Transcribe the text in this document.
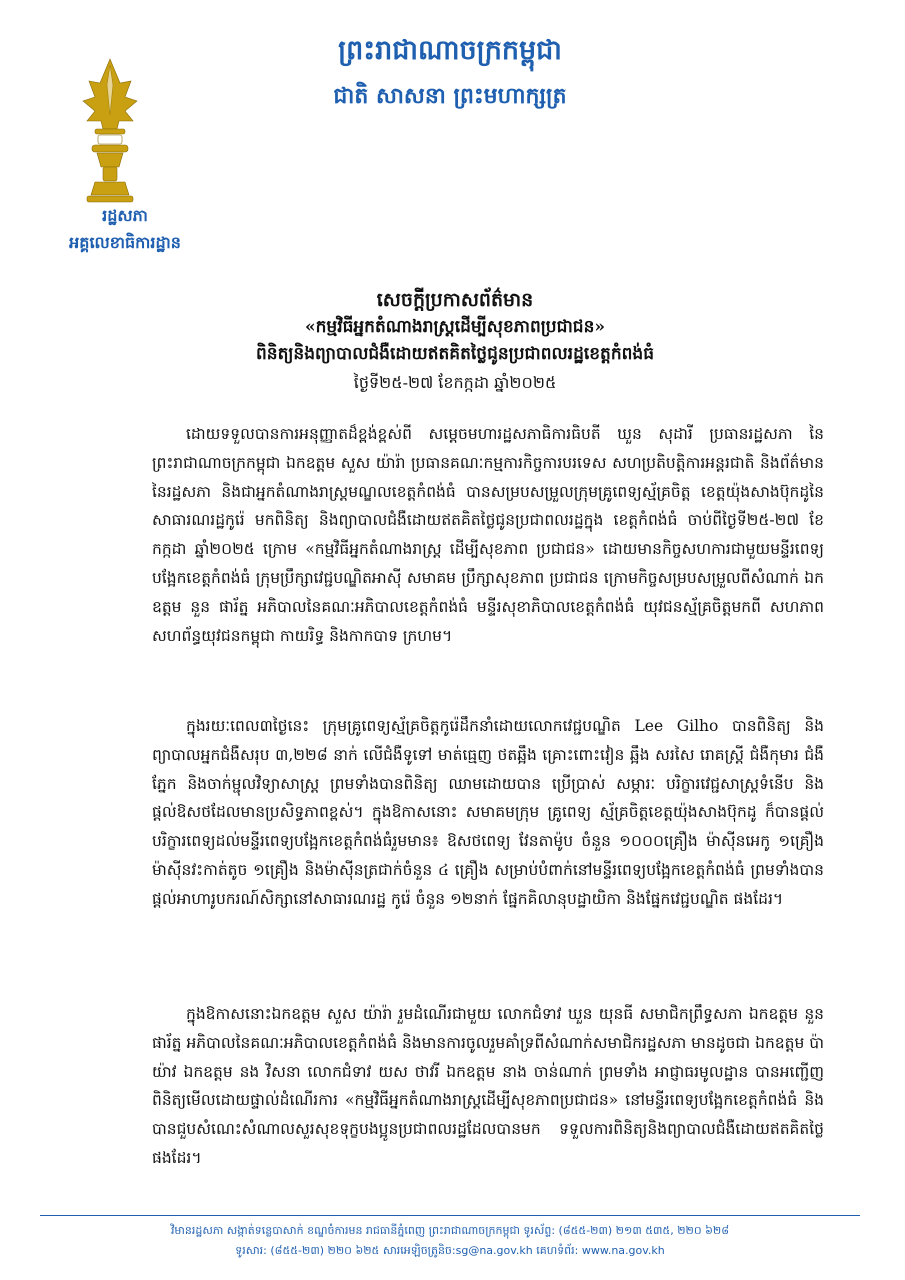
ព្រះរាជាណាចក្រកម្ពុជា
ជាតិ សាសនា ព្រះមហាក្សត្រ
រដ្ឋសភា
អគ្គលេខាធិការដ្ឋាន
សេចក្តីប្រកាសព័ត៌មាន
«កម្មវិធីអ្នកតំណាងរាស្ត្រដើម្បីសុខភាពប្រជាជន»
ពិនិត្យនិងព្យាបាលជំងឺដោយឥតគិតថ្លៃជូនប្រជាពលរដ្ឋខេត្តកំពង់ធំ
ថ្ងៃទី២៥-២៧ ខែកក្កដា ឆ្នាំ២០២៥
ដោយទទួលបានការអនុញ្ញាតដ៏ខ្ពង់ខ្ពស់ពី សម្តេចមហារដ្ឋសភាធិការធិបតី ឃួន សុដារី ប្រធានរដ្ឋសភា នៃព្រះរាជាណាចក្រកម្ពុជា ឯកឧត្តម សួស យ៉ារ៉ា ប្រធានគណៈកម្មការកិច្ចការបរទេស សហប្រតិបត្តិការអន្តរជាតិ និងព័ត៌មាននៃរដ្ឋសភា និងជាអ្នកតំណាងរាស្ត្រមណ្ឌលខេត្តកំពង់ធំ បានសម្របសម្រួលក្រុមគ្រូពេទ្យស្ម័គ្រចិត្ត ខេត្តយ៉ុងសាងប៊ុកដូនៃសាធារណរដ្ឋកូរ៉េ មកពិនិត្យ និងព្យាបាលជំងឺដោយឥតគិតថ្លៃជូនប្រជាពលរដ្ឋក្នុង ខេត្តកំពង់ធំ ចាប់ពីថ្ងៃទី២៥-២៧ ខែកក្កដា ឆ្នាំ២០២៥ ក្រោម «កម្មវិធីអ្នកតំណាងរាស្ត្រ ដើម្បីសុខភាព ប្រជាជន» ដោយមានកិច្ចសហការជាមួយមន្ទីរពេទ្យបង្អែកខេត្តកំពង់ធំ ក្រុមប្រឹក្សាវេជ្ជបណ្ឌិតអាស៊ី សមាគម ប្រឹក្សាសុខភាព ប្រជាជន ក្រោមកិច្ចសម្របសម្រួលពីសំណាក់ ឯកឧត្តម នួន ផារ័ត្ន អភិបាលនៃគណៈអភិបាលខេត្តកំពង់ធំ មន្ទីរសុខាភិបាលខេត្តកំពង់ធំ យុវជនស្ម័គ្រចិត្តមកពី សហភាពសហព័ន្ធយុវជនកម្ពុជា កាយរិទ្ធ និងកាកបាទ ក្រហម។
ក្នុងរយៈពេល៣ថ្ងៃនេះ ក្រុមគ្រូពេទ្យស្ម័គ្រចិត្តកូរ៉េដឹកនាំដោយលោកវេជ្ជបណ្ឌិត Lee Gilho បានពិនិត្យ និងព្យាបាលអ្នកជំងឺសរុប ៣,២២៨ នាក់ លើជំងឺទូទៅ មាត់ធ្មេញ ថតឆ្អឹង គ្រោះពោះវៀន ឆ្អឹង សរសៃ រោគស្ត្រី ជំងឺកុមារ ជំងឺភ្នែក និងចាក់ម្ជុលវិទ្យាសាស្ត្រ ព្រមទាំងបានពិនិត្យ ឈាមដោយបាន ប្រើប្រាស់ សម្ភារៈ បរិក្ខារវេជ្ជសាស្ត្រទំនើប និងផ្តល់ឱសថដែលមានប្រសិទ្ធភាពខ្ពស់។ ក្នុងឱកាសនោះ សមាគមក្រុម គ្រូពេទ្យ ស្ម័គ្រចិត្តខេត្តយ៉ុងសាងប៊ុកដូ ក៏បានផ្តល់បរិក្ខារពេទ្យដល់មន្ទីរពេទ្យបង្អែកខេត្តកំពង់ធំរួមមាន៖ ឱសថពេទ្យ វែនតាម៉ូប ចំនួន ១០០០គ្រឿង ម៉ាស៊ីនអេកូ ១គ្រឿង ម៉ាស៊ីនវះកាត់តូច ១គ្រឿង និងម៉ាស៊ីនត្រជាក់ចំនួន ៤ គ្រឿង សម្រាប់បំពាក់នៅមន្ទីរពេទ្យបង្អែកខេត្តកំពង់ធំ ព្រមទាំងបានផ្តល់អាហារូបករណ៍សិក្សានៅសាធារណរដ្ឋ កូរ៉េ ចំនួន ១២នាក់ ផ្នែកគិលានុបដ្ឋាយិកា និងផ្នែកវេជ្ជបណ្ឌិត ផងដែរ។
ក្នុងឱកាសនោះឯកឧត្តម សួស យ៉ារ៉ា រួមដំណើរជាមួយ លោកជំទាវ ឃួន យុនធី សមាជិកព្រឹទ្ធសភា ឯកឧត្តម នួន ផារ័ត្ន អភិបាលនៃគណៈអភិបាលខេត្តកំពង់ធំ និងមានការចូលរួមគាំទ្រពីសំណាក់សមាជិករដ្ឋសភា មានដូចជា ឯកឧត្តម ប៉ា យ៉ាវ ឯកឧត្តម នង វិសនា លោកជំទាវ យស ថាវរី ឯកឧត្តម នាង ចាន់ណាក់ ព្រមទាំង អាជ្ញាធរមូលដ្ឋាន បានអញ្ជើញពិនិត្យមើលដោយផ្ទាល់ដំណើរការ «កម្មវិធីអ្នកតំណាងរាស្ត្រដើម្បីសុខភាពប្រជាជន» នៅមន្ទីរពេទ្យបង្អែកខេត្តកំពង់ធំ និងបានជួបសំណេះសំណាលសួរសុខទុក្ខបងប្អូនប្រជាពលរដ្ឋដែលបានមក ទទួលការពិនិត្យនិងព្យាបាលជំងឺដោយឥតគិតថ្លៃផងដែរ។
វិមានរដ្ឋសភា សង្កាត់ទន្លេបាសាក់ ខណ្ឌចំការមន រាជធានីភ្នំពេញ ព្រះរាជាណាចក្រកម្ពុជា ទូរស័ព្ទ: (៨៥៥-២៣) ២១៣ ៥៣៥, ២២០ ៦២៨
ទូរសារ: (៨៥៥-២៣) ២២០ ៦២៥ សារអេឡិចត្រូនិច:sg@na.gov.kh គេហទំព័រ: www.na.gov.kh
